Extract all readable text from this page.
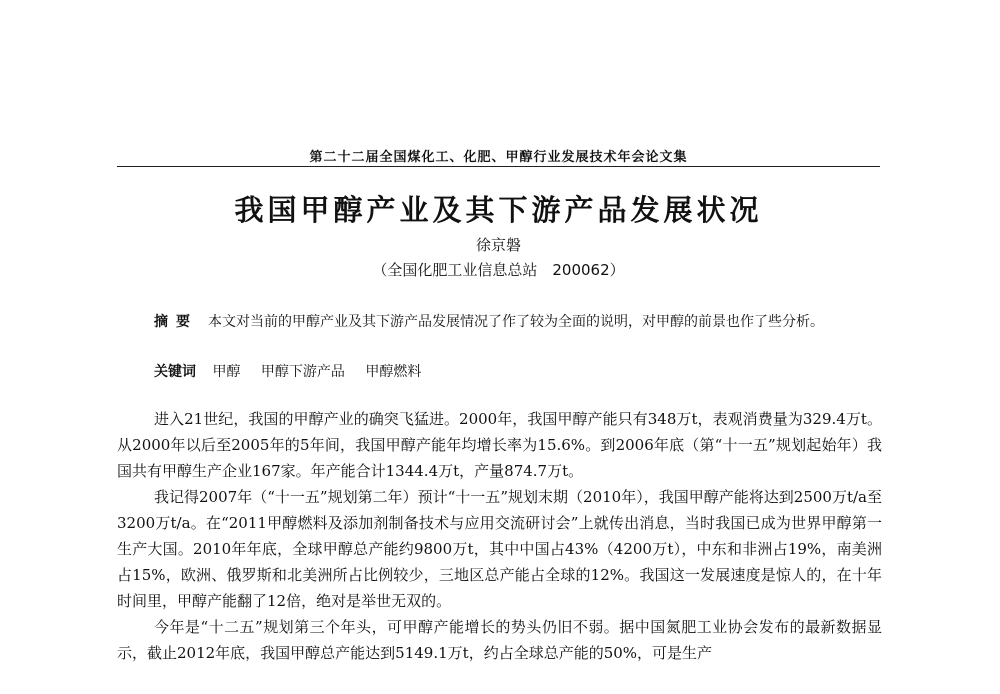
第二十二届全国煤化工、化肥、甲醇行业发展技术年会论文集
我国甲醇产业及其下游产品发展状况
徐京磐
（全国化肥工业信息总站　200062）
摘要 本文对当前的甲醇产业及其下游产品发展情况了作了较为全面的说明，对甲醇的前景也作了些分析。
关键词 甲醇 甲醇下游产品 甲醇燃料

进入21世纪，我国的甲醇产业的确突飞猛进。2000年，我国甲醇产能只有348万t，表观消费量为329.4万t。从2000年以后至2005年的5年间，我国甲醇产能年均增长率为15.6%。到2006年底（第“十一五”规划起始年）我国共有甲醇生产企业167家。年产能合计1344.4万t，产量874.7万t。

我记得2007年（“十一五”规划第二年）预计“十一五”规划末期（2010年），我国甲醇产能将达到2500万t/a至3200万t/a。在“2011甲醇燃料及添加剂制备技术与应用交流研讨会”上就传出消息，当时我国已成为世界甲醇第一生产大国。2010年年底，全球甲醇总产能约9800万t，其中中国占43%（4200万t），中东和非洲占19%，南美洲占15%，欧洲、俄罗斯和北美洲所占比例较少，三地区总产能占全球的12%。我国这一发展速度是惊人的，在十年时间里，甲醇产能翻了12倍，绝对是举世无双的。

今年是“十二五”规划第三个年头，可甲醇产能增长的势头仍旧不弱。据中国氮肥工业协会发布的最新数据显示，截止2012年底，我国甲醇总产能达到5149.1万t，约占全球总产能的50%，可是生产
